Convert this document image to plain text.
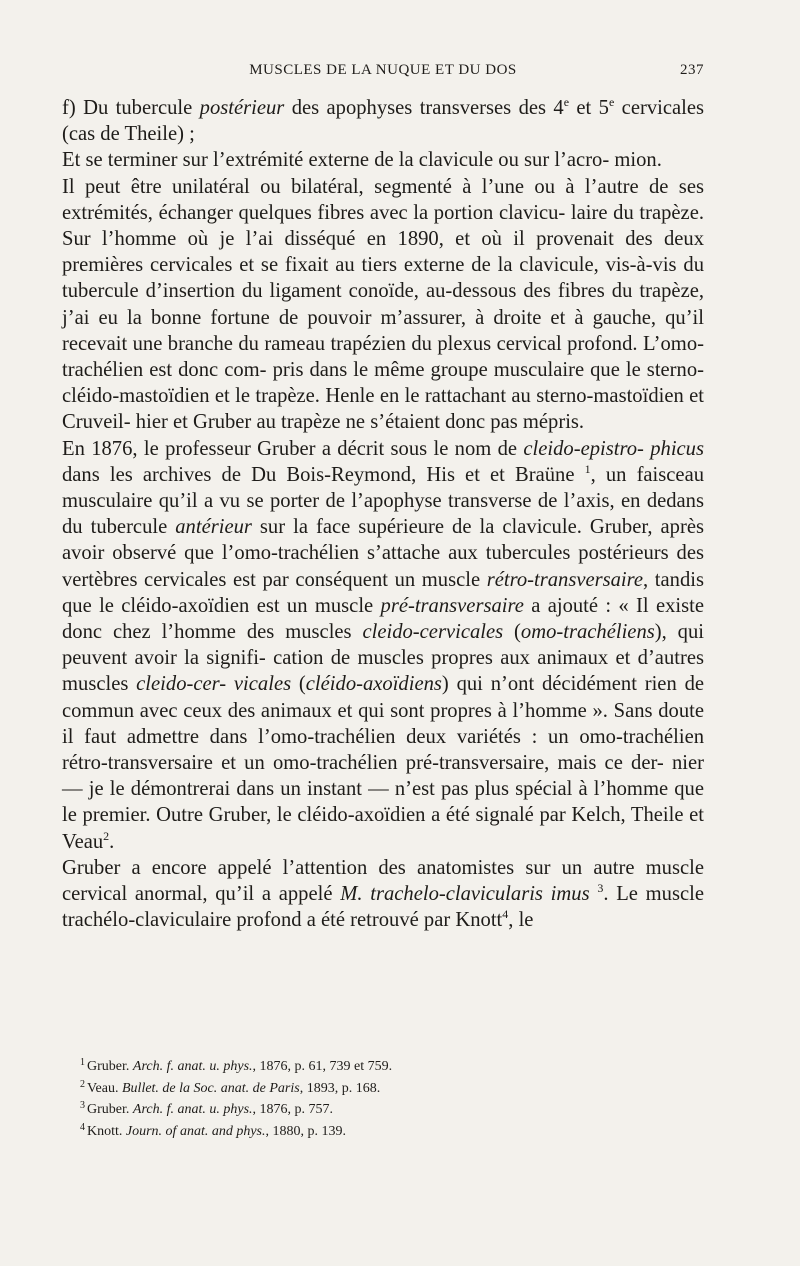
MUSCLES DE LA NUQUE ET DU DOS	237

f) Du tubercule postérieur des apophyses transverses des 4e et 5e cervicales (cas de Theile) ;

Et se terminer sur l’extrémité externe de la clavicule ou sur l’acro- mion.

Il peut être unilatéral ou bilatéral, segmenté à l’une ou à l’autre de ses extrémités, échanger quelques fibres avec la portion clavicu- laire du trapèze. Sur l’homme où je l’ai disséqué en 1890, et où il provenait des deux premières cervicales et se fixait au tiers externe de la clavicule, vis-à-vis du tubercule d’insertion du ligament conoïde, au-dessous des fibres du trapèze, j’ai eu la bonne fortune de pouvoir m’assurer, à droite et à gauche, qu’il recevait une branche du rameau trapézien du plexus cervical profond. L’omo-trachélien est donc com- pris dans le même groupe musculaire que le sterno-cléido-mastoïdien et le trapèze. Henle en le rattachant au sterno-mastoïdien et Cruveil- hier et Gruber au trapèze ne s’étaient donc pas mépris.

En 1876, le professeur Gruber a décrit sous le nom de cleido-epistro- phicus dans les archives de Du Bois-Reymond, His et et Braüne $^1$, un faisceau musculaire qu’il a vu se porter de l’apophyse transverse de l’axis, en dedans du tubercule antérieur sur la face supérieure de la clavicule. Gruber, après avoir observé que l’omo-trachélien s’attache aux tubercules postérieurs des vertèbres cervicales est par conséquent un muscle rétro-transversaire, tandis que le cléido-axoïdien est un muscle pré-transversaire a ajouté : « Il existe donc chez l’homme des muscles cleido-cervicales (omo-trachéliens), qui peuvent avoir la signifi- cation de muscles propres aux animaux et d’autres muscles cleido-cer- vicales (cléido-axoïdiens) qui n’ont décidément rien de commun avec ceux des animaux et qui sont propres à l’homme ». Sans doute il faut admettre dans l’omo-trachélien deux variétés : un omo-trachélien rétro-transversaire et un omo-trachélien pré-transversaire, mais ce der- nier — je le démontrerai dans un instant — n’est pas plus spécial à l’homme que le premier. Outre Gruber, le cléido-axoïdien a été signalé par Kelch, Theile et Veau$^2$.

Gruber a encore appelé l’attention des anatomistes sur un autre muscle cervical anormal, qu’il a appelé M. trachelo-clavicularis imus $^3$. Le muscle trachélo-claviculaire profond a été retrouvé par Knott$^4$, le

$^1$ Gruber. Arch. f. anat. u. phys., 1876, p. 61, 739 et 759.
$^2$ Veau. Bullet. de la Soc. anat. de Paris, 1893, p. 168.
$^3$ Gruber. Arch. f. anat. u. phys., 1876, p. 757.
$^4$ Knott. Journ. of anat. and phys., 1880, p. 139.
